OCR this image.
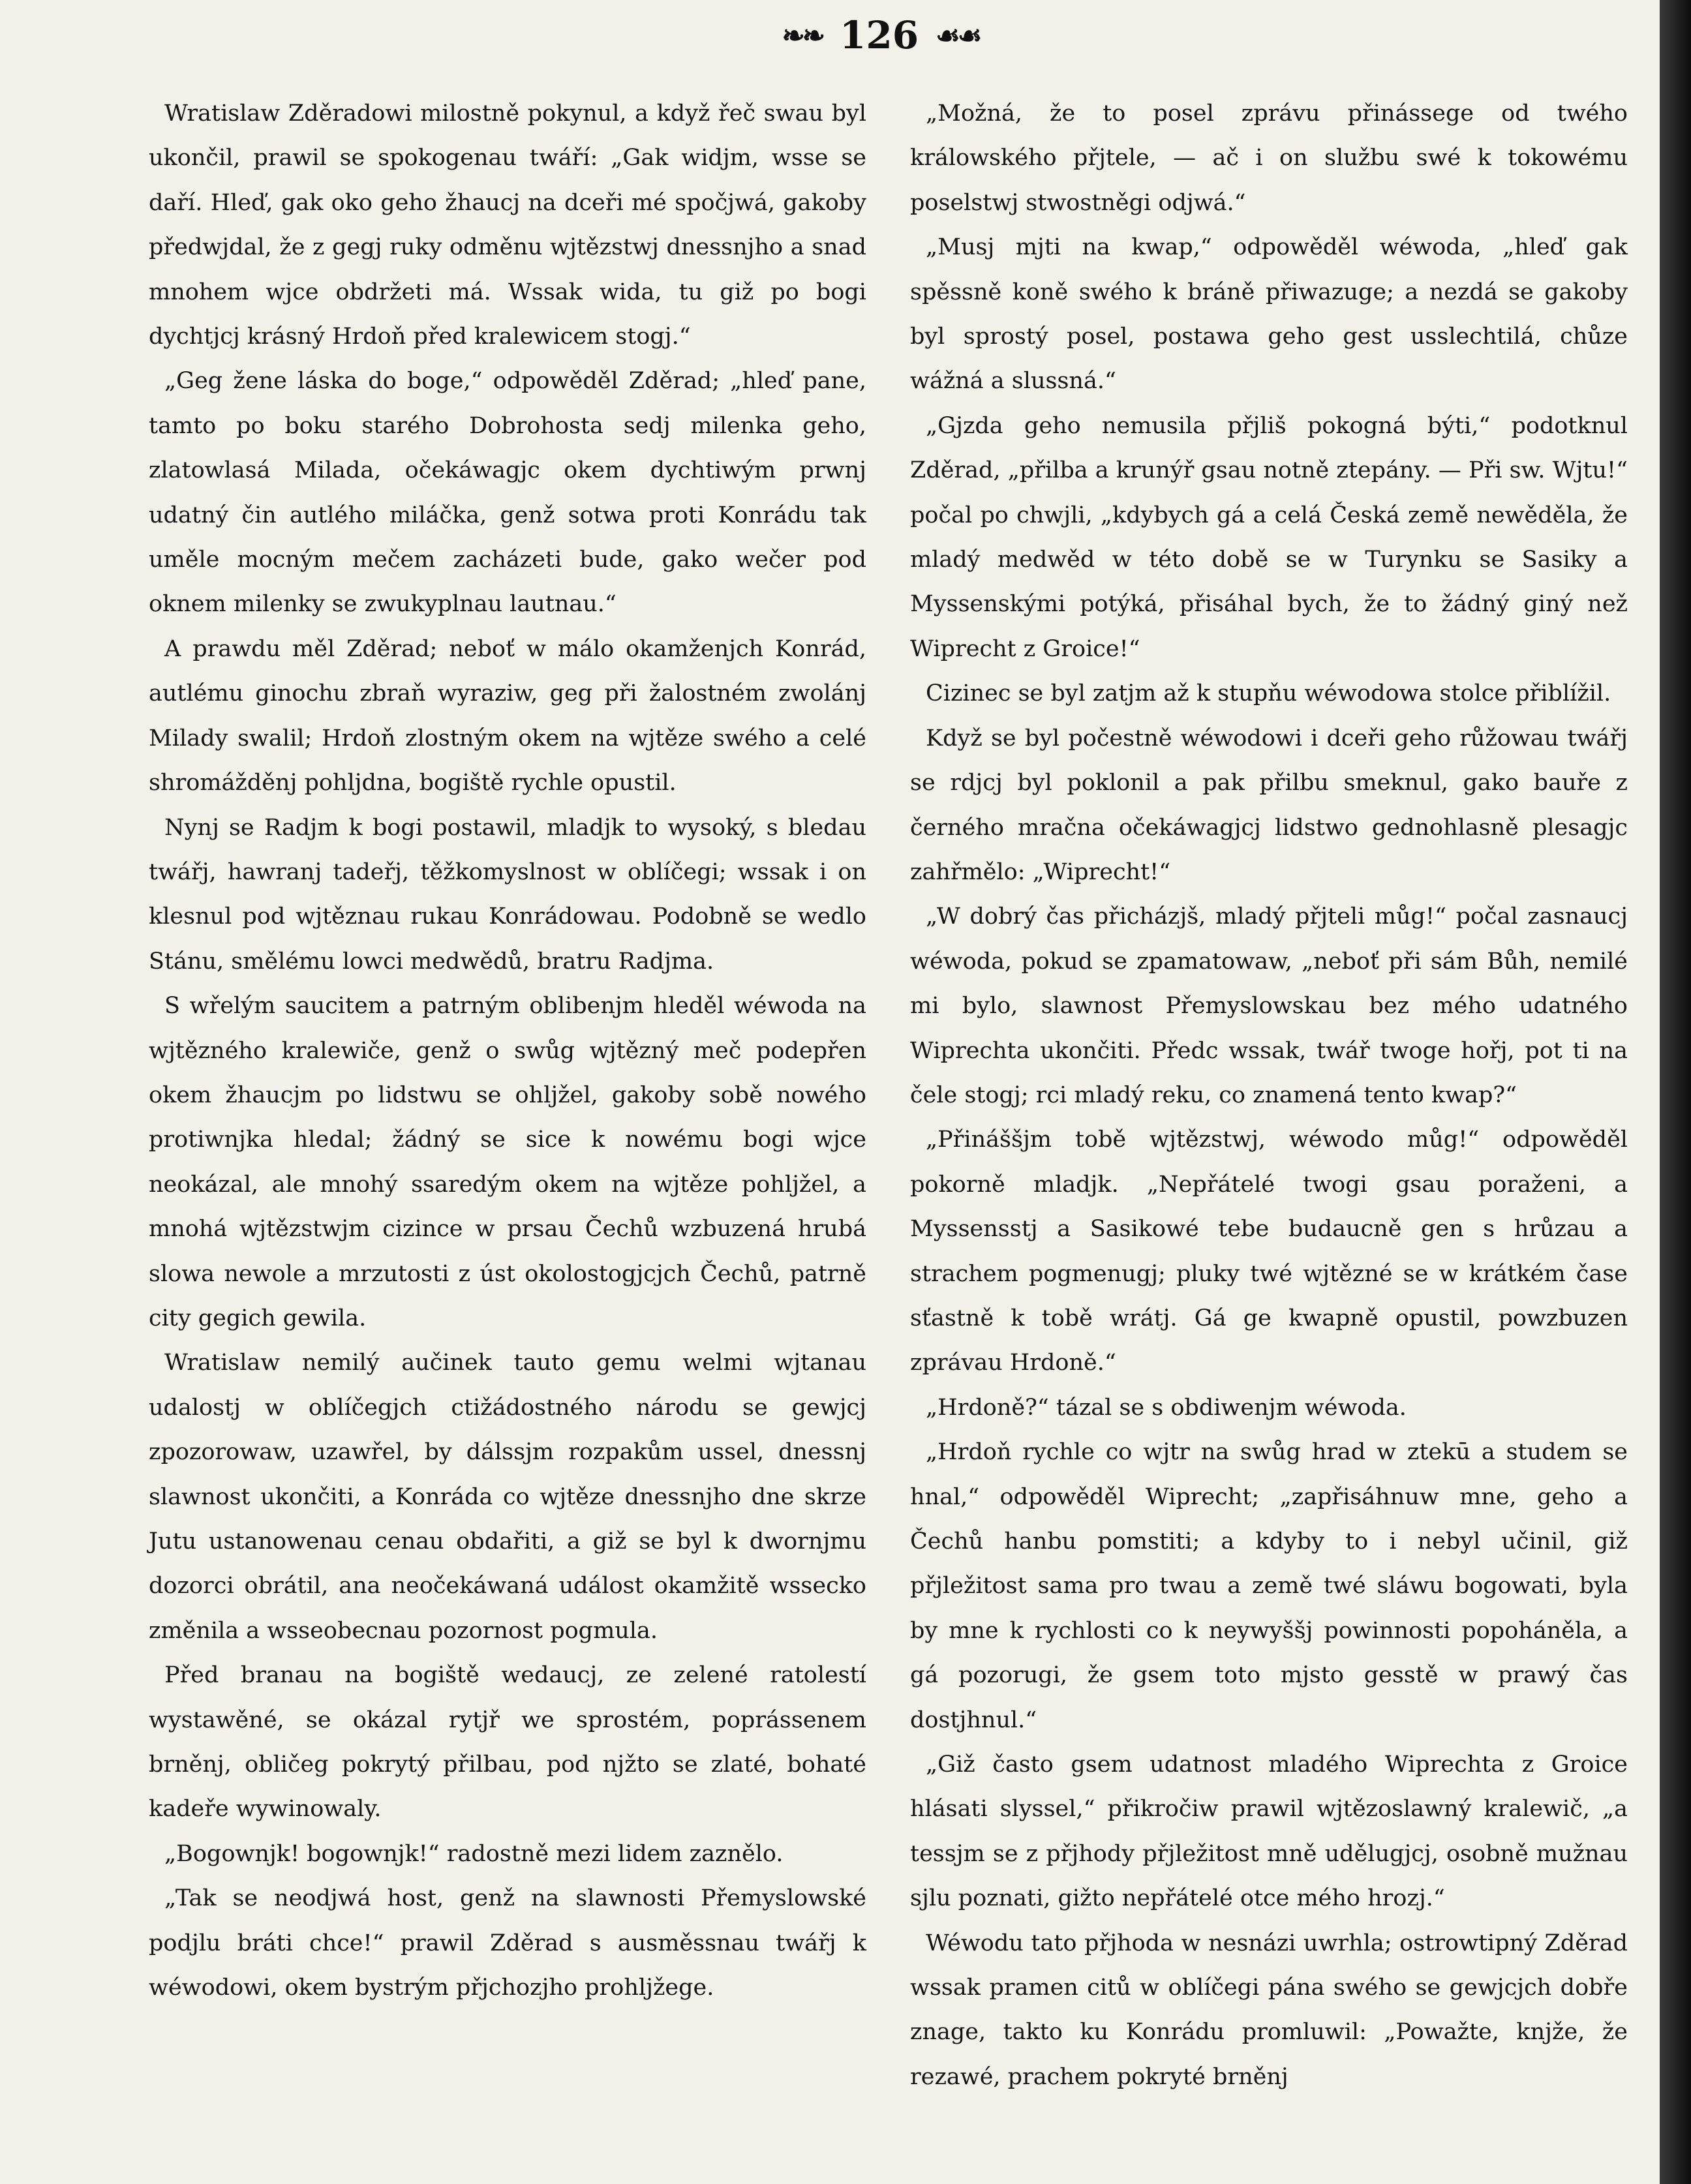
❧❧ 126 ☙☙

Wratislaw Zděradowi milostně pokynul, a když řeč swau byl ukončil, prawil se spokogenau twáří: „Gak widjm, wsse se daří. Hleď, gak oko geho žhaucj na dceři mé spočjwá, gakoby předwjdal, že z gegj ruky odměnu wjtězstwj dnessnjho a snad mnohem wjce obdržeti má. Wssak wida, tu giž po bogi dychtjcj krásný Hrdoň před kralewicem stogj.“

„Geg žene láska do boge,“ odpowěděl Zděrad; „hleď pane, tamto po boku starého Dobrohosta sedj milenka geho, zlatowlasá Milada, očekáwagjc okem dychtiwým prwnj udatný čin autlého miláčka, genž sotwa proti Konrádu tak uměle mocným mečem zacházeti bude, gako wečer pod oknem milenky se zwukyplnau lautnau.“

A prawdu měl Zděrad; neboť w málo okamženjch Konrád, autlému ginochu zbraň wyraziw, geg při žalostném zwolánj Milady swalil; Hrdoň zlostným okem na wjtěze swého a celé shromážděnj pohljdna, bogiště rychle opustil.

Nynj se Radjm k bogi postawil, mladjk to wysoký, s bledau twářj, hawranj tadeřj, těžkomyslnost w oblíčegi; wssak i on klesnul pod wjtěznau rukau Konrádowau. Podobně se wedlo Stánu, smělému lowci medwědů, bratru Radjma.

S wřelým saucitem a patrným oblibenjm hleděl wéwoda na wjtězného kralewiče, genž o swůg wjtězný meč podepřen okem žhaucjm po lidstwu se ohljžel, gakoby sobě nowého protiwnjka hledal; žádný se sice k nowému bogi wjce neokázal, ale mnohý ssaredým okem na wjtěze pohljžel, a mnohá wjtězstwjm cizince w prsau Čechů wzbuzená hrubá slowa newole a mrzutosti z úst okolostogjcjch Čechů, patrně city gegich gewila.

Wratislaw nemilý aučinek tauto gemu welmi wjtanau udalostj w oblíčegjch ctižádostného národu se gewjcj zpozorowaw, uzawřel, by dálssjm rozpakům ussel, dnessnj slawnost ukončiti, a Konráda co wjtěze dnessnjho dne skrze Jutu ustanowenau cenau obdařiti, a giž se byl k dwornjmu dozorci obrátil, ana neočekáwaná událost okamžitě wssecko změnila a wsseobecnau pozornost pogmula.

Před branau na bogiště wedaucj, ze zelené ratolestí wystawěné, se okázal rytjř we sprostém, poprássenem brněnj, obličeg pokrytý přilbau, pod njžto se zlaté, bohaté kadeře wywinowaly.

„Bogownjk! bogownjk!“ radostně mezi lidem zaznělo.

„Tak se neodjwá host, genž na slawnosti Přemyslowské podjlu bráti chce!“ prawil Zděrad s ausměssnau twářj k wéwodowi, okem bystrým přjchozjho prohljžege.

„Možná, že to posel zprávu přinássege od twého králowského přjtele, — ač i on službu swé k tokowému poselstwj stwostněgi odjwá.“

„Musj mjti na kwap,“ odpowěděl wéwoda, „hleď gak spěssně koně swého k bráně přiwazuge; a nezdá se gakoby byl sprostý posel, postawa geho gest usslechtilá, chůze wážná a slussná.“

„Gjzda geho nemusila přjliš pokogná býti,“ podotknul Zděrad, „přilba a krunýř gsau notně ztepány. — Při sw. Wjtu!“ počal po chwjli, „kdybych gá a celá Česká země newěděla, že mladý medwěd w této době se w Turynku se Sasiky a Myssenskými potýká, přisáhal bych, že to žádný giný než Wiprecht z Groice!“

Cizinec se byl zatjm až k stupňu wéwodowa stolce přiblížil.

Když se byl počestně wéwodowi i dceři geho růžowau twářj se rdjcj byl poklonil a pak přilbu smeknul, gako bauře z černého mračna očekáwagjcj lidstwo gednohlasně plesagjc zahřmělo: „Wiprecht!“

„W dobrý čas přicházjš, mladý přjteli můg!“ počal zasnaucj wéwoda, pokud se zpamatowaw, „neboť při sám Bůh, nemilé mi bylo, slawnost Přemyslowskau bez mého udatného Wiprechta ukončiti. Předc wssak, twář twoge hořj, pot ti na čele stogj; rci mladý reku, co znamená tento kwap?“

„Přináššjm tobě wjtězstwj, wéwodo můg!“ odpowěděl pokorně mladjk. „Nepřátelé twogi gsau poraženi, a Myssensstj a Sasikowé tebe budaucně gen s hrůzau a strachem pogmenugj; pluky twé wjtězné se w krátkém čase sťastně k tobě wrátj. Gá ge kwapně opustil, powzbuzen zprávau Hrdoně.“

„Hrdoně?“ tázal se s obdiwenjm wéwoda.

„Hrdoň rychle co wjtr na swůg hrad w ztekū a studem se hnal,“ odpowěděl Wiprecht; „zapřisáhnuw mne, geho a Čechů hanbu pomstiti; a kdyby to i nebyl učinil, giž přjležitost sama pro twau a země twé sláwu bogowati, byla by mne k rychlosti co k neywyššj powinnosti popoháněla, a gá pozorugi, že gsem toto mjsto gesstě w prawý čas dostjhnul.“

„Giž často gsem udatnost mladého Wiprechta z Groice hlásati slyssel,“ přikročiw prawil wjtězoslawný kralewič, „a tessjm se z přjhody přjležitost mně udělugjcj, osobně mužnau sjlu poznati, gižto nepřátelé otce mého hrozj.“

Wéwodu tato přjhoda w nesnázi uwrhla; ostrowtipný Zděrad wssak pramen citů w oblíčegi pána swého se gewjcjch dobře znage, takto ku Konrádu promluwil: „Powažte, knjže, že rezawé, prachem pokryté brněnj
